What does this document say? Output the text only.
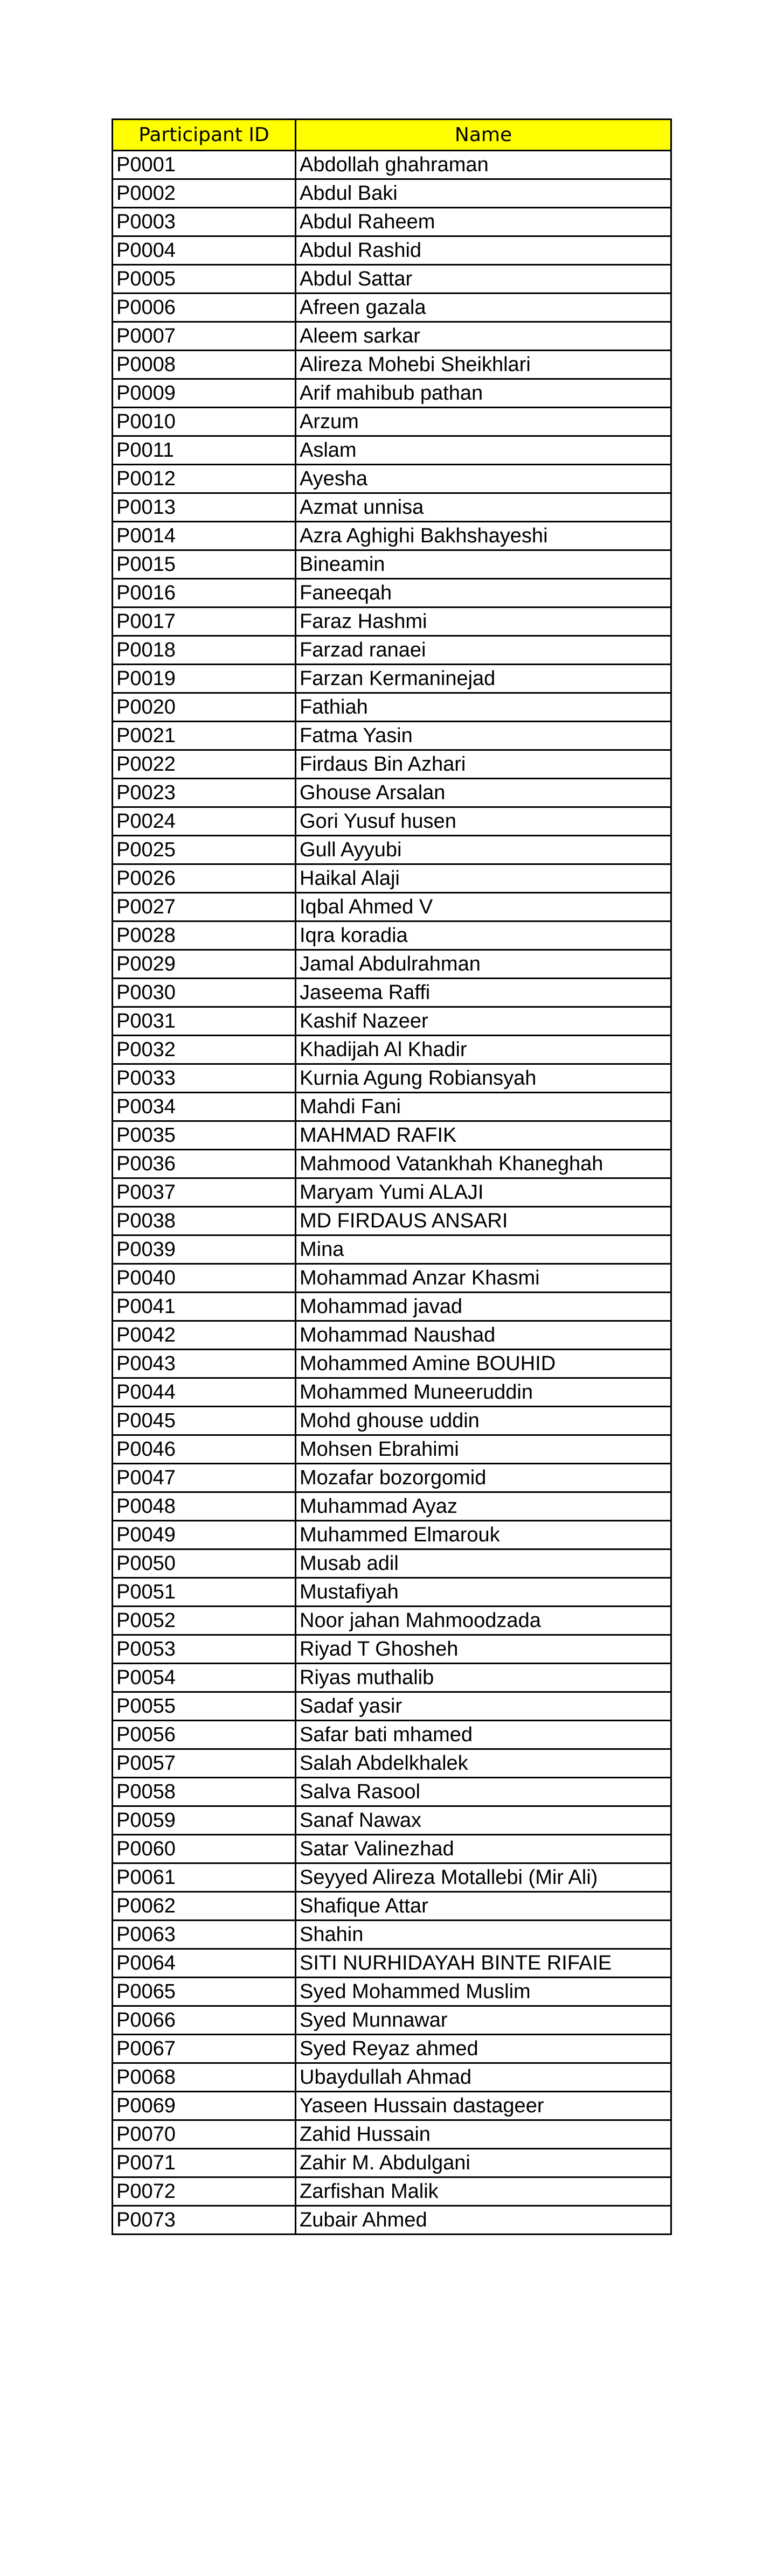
Participant ID	Name
P0001	Abdollah ghahraman
P0002	Abdul Baki
P0003	Abdul Raheem
P0004	Abdul Rashid
P0005	Abdul Sattar
P0006	Afreen gazala
P0007	Aleem sarkar
P0008	Alireza Mohebi Sheikhlari
P0009	Arif mahibub pathan
P0010	Arzum
P0011	Aslam
P0012	Ayesha
P0013	Azmat unnisa
P0014	Azra Aghighi Bakhshayeshi
P0015	Bineamin
P0016	Faneeqah
P0017	Faraz Hashmi
P0018	Farzad ranaei
P0019	Farzan Kermaninejad
P0020	Fathiah
P0021	Fatma Yasin
P0022	Firdaus Bin Azhari
P0023	Ghouse Arsalan
P0024	Gori Yusuf husen
P0025	Gull Ayyubi
P0026	Haikal Alaji
P0027	Iqbal Ahmed V
P0028	Iqra koradia
P0029	Jamal Abdulrahman
P0030	Jaseema Raffi
P0031	Kashif Nazeer
P0032	Khadijah Al Khadir
P0033	Kurnia Agung Robiansyah
P0034	Mahdi Fani
P0035	MAHMAD RAFIK
P0036	Mahmood Vatankhah Khaneghah
P0037	Maryam Yumi ALAJI
P0038	MD FIRDAUS ANSARI
P0039	Mina
P0040	Mohammad Anzar Khasmi
P0041	Mohammad javad
P0042	Mohammad Naushad
P0043	Mohammed Amine BOUHID
P0044	Mohammed Muneeruddin
P0045	Mohd ghouse uddin
P0046	Mohsen Ebrahimi
P0047	Mozafar bozorgomid
P0048	Muhammad Ayaz
P0049	Muhammed Elmarouk
P0050	Musab adil
P0051	Mustafiyah
P0052	Noor jahan Mahmoodzada
P0053	Riyad T Ghosheh
P0054	Riyas muthalib
P0055	Sadaf yasir
P0056	Safar bati mhamed
P0057	Salah Abdelkhalek
P0058	Salva Rasool
P0059	Sanaf Nawax
P0060	Satar Valinezhad
P0061	Seyyed Alireza Motallebi (Mir Ali)
P0062	Shafique Attar
P0063	Shahin
P0064	SITI NURHIDAYAH BINTE RIFAIE
P0065	Syed Mohammed Muslim
P0066	Syed Munnawar
P0067	Syed Reyaz ahmed
P0068	Ubaydullah Ahmad
P0069	Yaseen Hussain dastageer
P0070	Zahid Hussain
P0071	Zahir M. Abdulgani
P0072	Zarfishan Malik
P0073	Zubair Ahmed
